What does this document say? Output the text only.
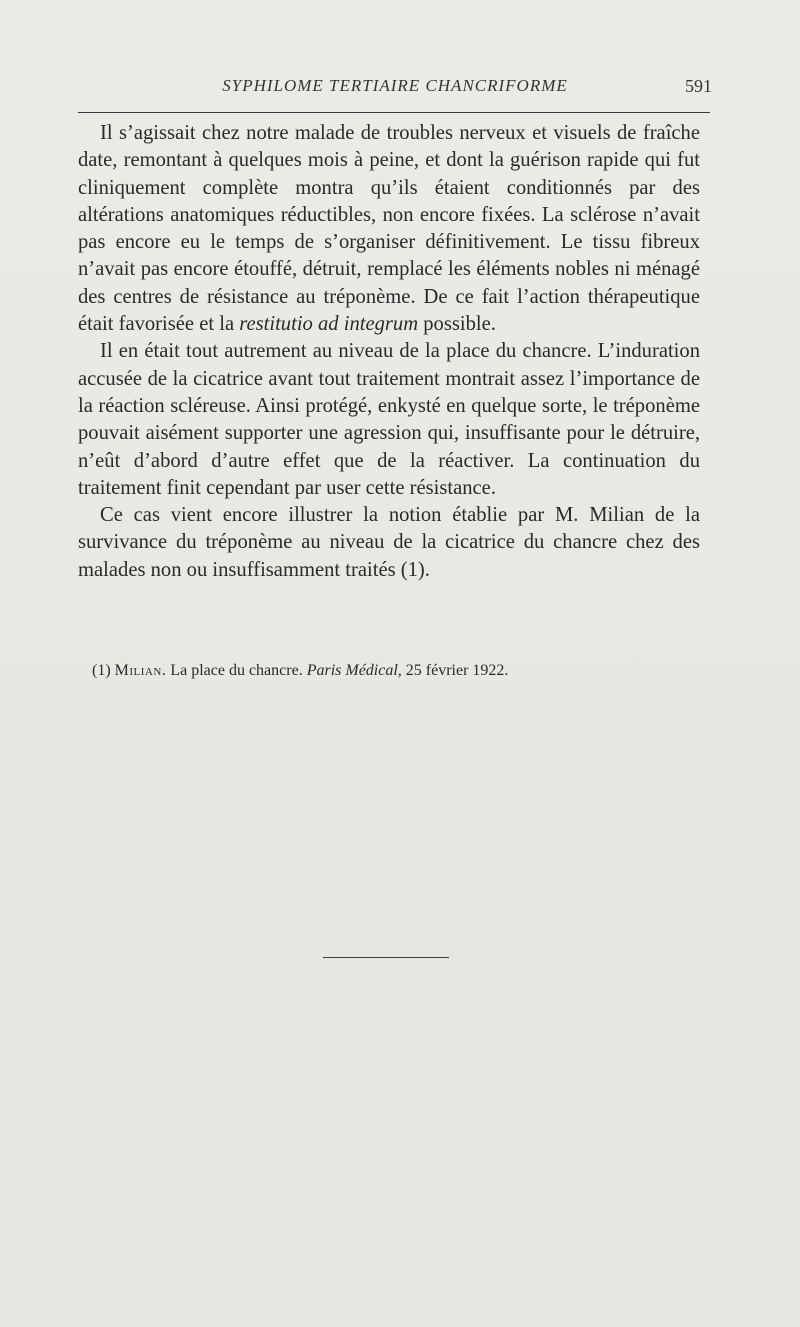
SYPHILOME TERTIAIRE CHANCRIFORME	591

Il s’agissait chez notre malade de troubles nerveux et visuels de fraîche date, remontant à quelques mois à peine, et dont la guérison rapide qui fut cliniquement complète montra qu’ils étaient conditionnés par des altérations anatomiques réductibles, non encore fixées. La sclérose n’avait pas encore eu le temps de s’organiser définitivement. Le tissu fibreux n’avait pas encore étouffé, détruit, remplacé les éléments nobles ni ménagé des centres de résistance au tréponème. De ce fait l’action thérapeutique était favorisée et la restitutio ad integrum possible.

Il en était tout autrement au niveau de la place du chancre. L’induration accusée de la cicatrice avant tout traitement montrait assez l’importance de la réaction scléreuse. Ainsi protégé, enkysté en quelque sorte, le tréponème pouvait aisément supporter une agression qui, insuffisante pour le détruire, n’eût d’abord d’autre effet que de la réactiver. La continuation du traitement finit cependant par user cette résistance.

Ce cas vient encore illustrer la notion établie par M. Milian de la survivance du tréponème au niveau de la cicatrice du chancre chez des malades non ou insuffisamment traités (1).

(1) Milian. La place du chancre. Paris Médical, 25 février 1922.
